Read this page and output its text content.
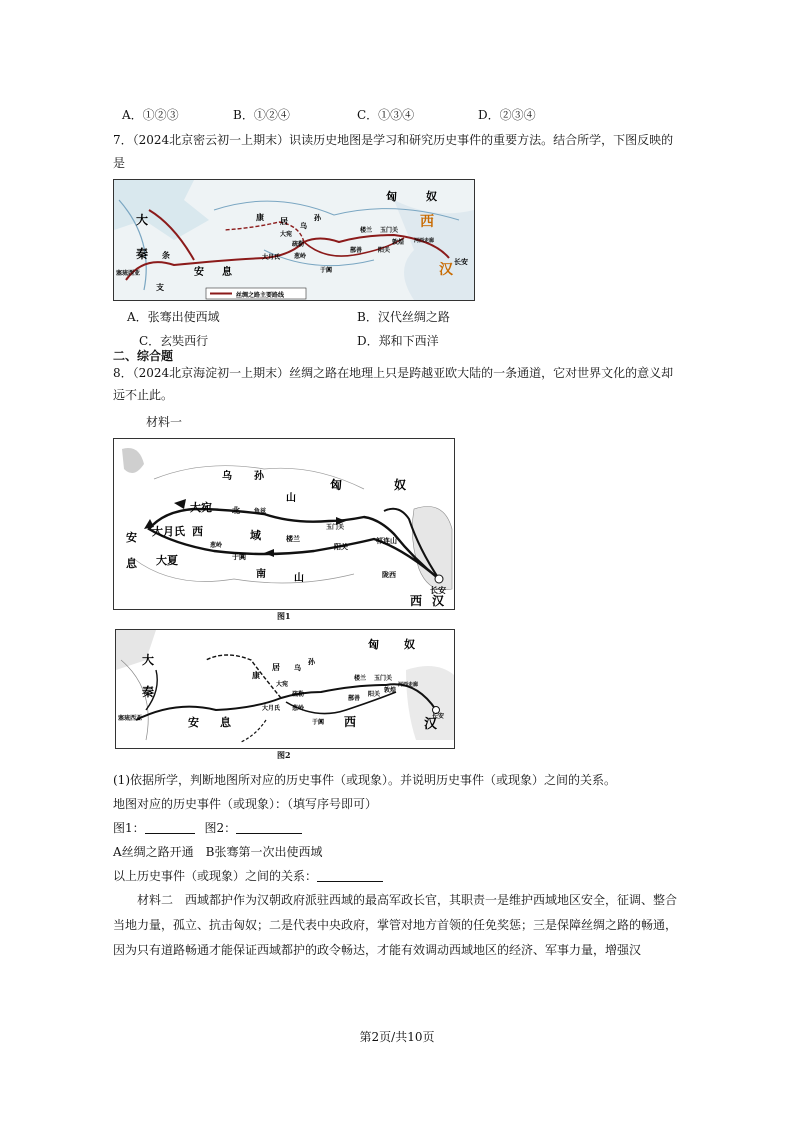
A．①②③	B．①②④	C．①③④	D．②③④
7．（2024北京密云初一上期末）识读历史地图是学习和研究历史事件的重要方法。结合所学，下图反映的
是
丝绸之路主要路线
匈	奴
大
秦 条
支
塞琉西亚	安 息
康 居 乌
孙
大宛
疏勒
大月氏 葱岭
于阗
楼兰 玉门关
敦煌
阳关
鄯善
河西走廊
西
汉 长安
A．张骞出使西域	B．汉代丝绸之路
C．玄奘西行	D．郑和下西洋
二、综合题
8．（2024北京海淀初一上期末）丝绸之路在地理上只是跨越亚欧大陆的一条通道，它对世界文化的意义却
远不止此。
材料一
乌 孙
山
匈	奴
北 龟兹
大宛
大月氏 西
葱岭
域
安
息 大夏	于阗
南	山
楼兰
玉门关
阳关
祁连山
陇西
长安
西 汉
图1
匈 奴
大
秦
塞琉西亚
康
居 乌
孙
大宛
疏勒
大月氏 葱岭
安 息	于阗 西
楼兰 玉门关
敦煌
阳关
鄯善
河西走廊
汉
长安
图2
(1)依据所学，判断地图所对应的历史事件（或现象）。并说明历史事件（或现象）之间的关系。
地图对应的历史事件（或现象）：（填写序号即可）
图1：	图2：
A丝绸之路开通　B张骞第一次出使西域
以上历史事件（或现象）之间的关系：
材料二　西域都护作为汉朝政府派驻西域的最高军政长官，其职责一是维护西域地区安全，征调、整合当地力量，孤立、抗击匈奴；二是代表中央政府，掌管对地方首领的任免奖惩；三是保障丝绸之路的畅通，因为只有道路畅通才能保证西域都护的政令畅达，才能有效调动西域地区的经济、军事力量，增强汉
第2页/共10页
